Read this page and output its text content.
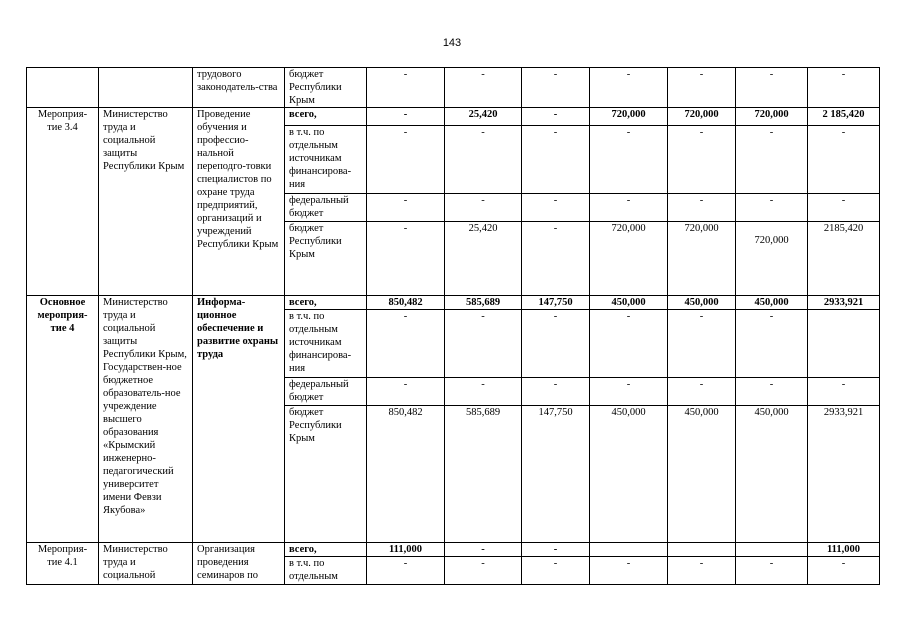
143
		трудового законодатель-ства	бюджет Республики Крым	-	-	-	-	-	-	-
Мероприя-тие 3.4	Министерство труда и социальной защиты Республики Крым	Проведение обучения и профессио-нальной переподго-товки специалистов по охране труда предприятий, организаций и учреждений Республики Крым	всего,	-	25,420	-	720,000	720,000	720,000	2 185,420
			в т.ч. по отдельным источникам финансирова-ния	-	-	-	-	-	-	-
			федеральный бюджет	-	-	-	-	-	-	-
			бюджет Республики Крым	-	25,420	-	720,000	720,000	720,000	2185,420
Основное мероприя-тие 4	Министерство труда и социальной защиты Республики Крым, Государствен-ное бюджетное образователь-ное учреждение высшего образования «Крымский инженерно-педагогический университет имени Февзи Якубова»	Информа-ционное обеспечение и развитие охраны труда	всего,	850,482	585,689	147,750	450,000	450,000	450,000	2933,921
			в т.ч. по отдельным источникам финансирова-ния	-	-	-	-	-	-	
			федеральный бюджет	-	-	-	-	-	-	-
			бюджет Республики Крым	850,482	585,689	147,750	450,000	450,000	450,000	2933,921
Мероприя-тие 4.1	Министерство труда и социальной	Организация проведения семинаров по	всего,	111,000	-	-				111,000
			в т.ч. по отдельным	-	-	-	-	-	-	-
